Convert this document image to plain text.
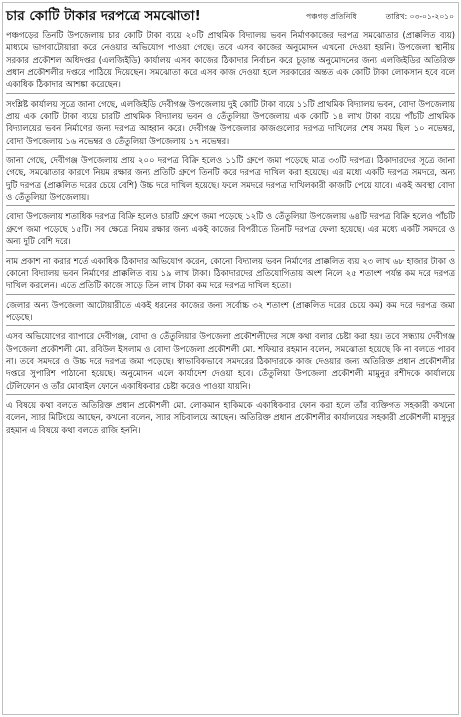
চার কোটি টাকার দরপত্রে সমঝোতা!	পঞ্চগড় প্রতিনিধি	তারিখ: ০৩-০১-২০১০

পঞ্চগড়ের তিনটি উপজেলায় চার কোটি টাকা ব্যয়ে ২০টি প্রাথমিক বিদ্যালয় ভবন নির্মাণকাজের দরপত্র সমঝোতার (প্রাক্কলিত ব্যয়) মাধ্যমে ভাগবাটোয়ারা করে নেওয়ার অভিযোগ পাওয়া গেছে। তবে এসব কাজের অনুমোদন এখনো দেওয়া হয়নি। উপজেলা স্থানীয় সরকার প্রকৌশল অধিদপ্তর (এলজিইডি) কার্যালয় এসব কাজের ঠিকাদার নির্বাচন করে চূড়ান্ত অনুমোদনের জন্য এলজিইডির অতিরিক্ত প্রধান প্রকৌশলীর দপ্তরে পাঠিয়ে দিয়েছেন। সমঝোতা করে এসব কাজ দেওয়া হলে সরকারের অন্তত এক কোটি টাকা লোকসান হবে বলে একাধিক ঠিকাদার আশঙ্কা করেছেন।

সংশ্লিষ্ট কার্যালয় সূত্রে জানা গেছে, এলজিইডি দেবীগঞ্জ উপজেলায় দুই কোটি টাকা ব্যয়ে ১১টি প্রাথমিক বিদ্যালয় ভবন, বোদা উপজেলায় প্রায় এক কোটি টাকা ব্যয়ে চারটি প্রাথমিক বিদ্যালয় ভবন ও তেঁতুলিয়া উপজেলায় এক কোটি ১৪ লাখ টাকা ব্যয়ে পাঁচটি প্রাথমিক বিদ্যালয়ের ভবন নির্মাণের জন্য দরপত্র আহ্বান করে। দেবীগঞ্জ উপজেলার কাজগুলোর দরপত্র দাখিলের শেষ সময় ছিল ১০ নভেম্বর, বোদা উপজেলায় ১৬ নভেম্বর ও তেঁতুলিয়া উপজেলায় ১৭ নভেম্বর।

জানা গেছে, দেবীগঞ্জ উপজেলায় প্রায় ২০০ দরপত্র বিক্রি হলেও ১১টি গ্রুপে জমা পড়েছে মাত্র ৩৩টি দরপত্র। ঠিকাদারদের সূত্রে জানা গেছে, সমঝোতার কারণে নিয়ম রক্ষার জন্য প্রতিটি গ্রুপে তিনটি করে দরপত্র দাখিল করা হয়েছে। এর মধ্যে একটি দরপত্র সমদরে, অন্য দুটি দরপত্র (প্রাক্কলিত দরের চেয়ে বেশি) উচ্চ দরে দাখিল হয়েছে। ফলে সমদরে দরপত্র দাখিলকারী কাজটি পেয়ে যাবে। একই অবস্থা বোদা ও তেঁতুলিয়া উপজেলায়।

বোদা উপজেলায় শতাধিক দরপত্র বিক্রি হলেও চারটি গ্রুপে জমা পড়েছে ১২টি ও তেঁতুলিয়া উপজেলায় ৬৪টি দরপত্র বিক্রি হলেও পাঁচটি গ্রুপে জমা পড়েছে ১৫টি। সব ক্ষেত্রে নিয়ম রক্ষার জন্য একই কাজের বিপরীতে তিনটি দরপত্র ফেলা হয়েছে। এর মধ্যে একটি সমদরে ও অন্য দুটি বেশি দরে।

নাম প্রকাশ না করার শর্তে একাধিক ঠিকাদার অভিযোগ করেন, কোনো বিদ্যালয় ভবন নির্মাণের প্রাক্কলিত ব্যয় ২৩ লাখ ৬৮ হাজার টাকা ও কোনো বিদ্যালয় ভবন নির্মাণের প্রাক্কলিত ব্যয় ১৯ লাখ টাকা। ঠিকাদারদের প্রতিযোগিতায় অংশ নিলে ২৫ শতাংশ পর্যন্ত কম দরে দরপত্র দাখিল করলেন। এতে প্রতিটি কাজে সাড়ে তিন লাখ টাকা কম দরে দরপত্র দাখিল হতো।

জেলার অন্য উপজেলা আটোয়ারীতে একই ধরনের কাজের জন্য সর্বোচ্চ ৩২ শতাংশ (প্রাক্কলিত দরের চেয়ে কম) কম দরে দরপত্র জমা পড়েছে।

এসব অভিযোগের ব্যাপারে দেবীগঞ্জ, বোদা ও তেঁতুলিয়ার উপজেলা প্রকৌশলীদের সঙ্গে কথা বলার চেষ্টা করা হয়। তবে সন্ধ্যায় দেবীগঞ্জ উপজেলা প্রকৌশলী মো. রবিউল ইসলাম ও বোদা উপজেলা প্রকৌশলী মো. শফিয়ার রহমান বলেন, সমঝোতা হয়েছে কি না বলতে পারব না। তবে সমদরে ও উচ্চ দরে দরপত্র জমা পড়েছে। স্বাভাবিকভাবে সমদরের ঠিকাদারকে কাজ দেওয়ার জন্য অতিরিক্ত প্রধান প্রকৌশলীর দপ্তরে সুপারিশ পাঠানো হয়েছে। অনুমোদন এলে কার্যাদেশ দেওয়া হবে। তেঁতুলিয়া উপজেলা প্রকৌশলী মামুনুর রশীদকে কার্যালয়ে টেলিফোন ও তাঁর মোবাইল ফোনে একাধিকবার চেষ্টা করেও পাওয়া যায়নি।

এ বিষয়ে কথা বলতে অতিরিক্ত প্রধান প্রকৌশলী মো. লোকমান হাকিমকে একাধিকবার ফোন করা হলে তাঁর ব্যক্তিগত সহকারী কখনো বলেন, স্যার মিটিংয়ে আছেন, কখনো বলেন, স্যার সচিবালয়ে আছেন। অতিরিক্ত প্রধান প্রকৌশলীর কার্যালয়ের সহকারী প্রকৌশলী মাসুদুর রহমান এ বিষয়ে কথা বলতে রাজি হননি।
